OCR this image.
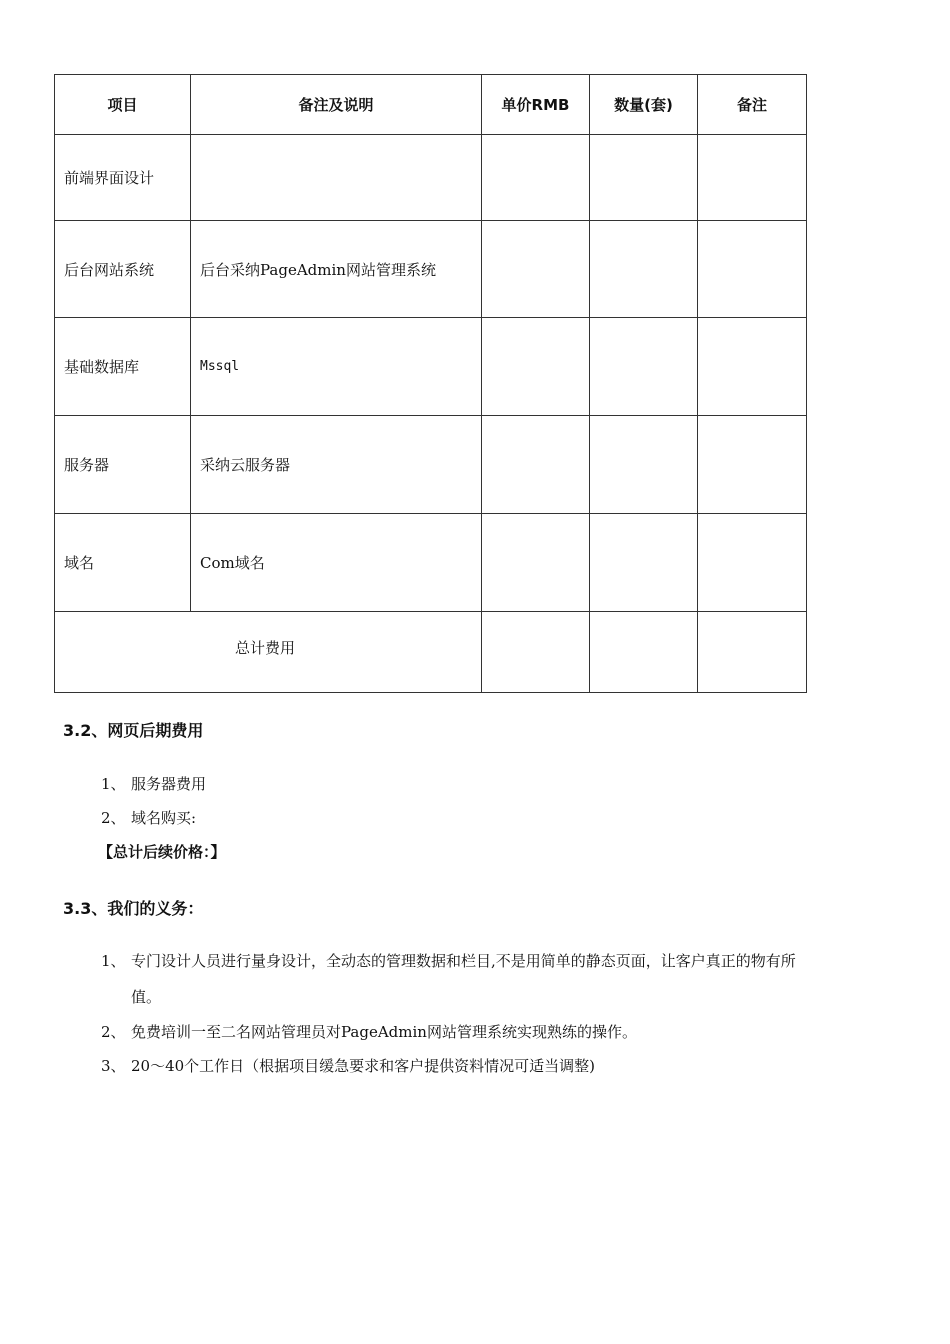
项目	备注及说明	单价RMB	数量(套)	备注
前端界面设计				
后台网站系统	后台采纳PageAdmin网站管理系统			
基础数据库	Mssql			
服务器	采纳云服务器			
域名	Com域名			
总计费用				
3.2、网页后期费用
1、 服务器费用
2、 域名购买:
【总计后续价格：】
3.3、我们的义务：
1、 专门设计人员进行量身设计，全动态的管理数据和栏目,不是用简单的静态页面，让客户真正的物有所
值。
2、 免费培训一至二名网站管理员对PageAdmin网站管理系统实现熟练的操作。
3、 20～40个工作日（根据项目缓急要求和客户提供资料情况可适当调整)
